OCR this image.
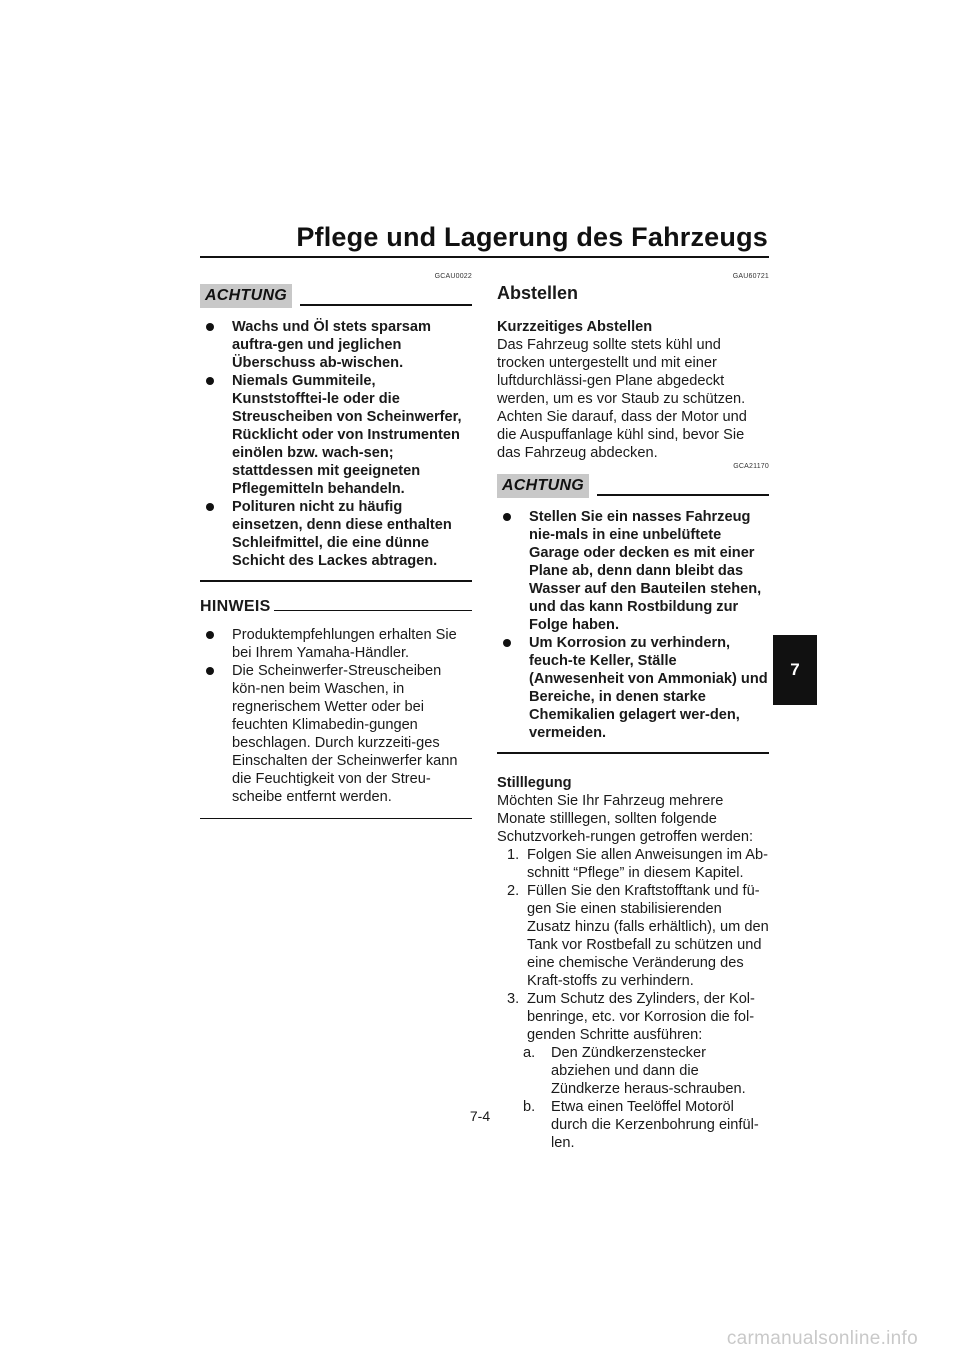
Pflege und Lagerung des Fahrzeugs
GCAU0022
ACHTUNG
Wachs und Öl stets sparsam auftra-gen und jeglichen Überschuss ab-wischen.
Niemals Gummiteile, Kunststofftei-le oder die Streuscheiben von Scheinwerfer, Rücklicht oder von Instrumenten einölen bzw. wach-sen; stattdessen mit geeigneten Pflegemitteln behandeln.
Polituren nicht zu häufig einsetzen, denn diese enthalten Schleifmittel, die eine dünne Schicht des Lackes abtragen.
HINWEIS
Produktempfehlungen erhalten Sie bei Ihrem Yamaha-Händler.
Die Scheinwerfer-Streuscheiben kön-nen beim Waschen, in regnerischem Wetter oder bei feuchten Klimabedin-gungen beschlagen. Durch kurzzeiti-ges Einschalten der Scheinwerfer kann die Feuchtigkeit von der Streu-scheibe entfernt werden.
GAU60721
Abstellen

Kurzzeitiges Abstellen

Das Fahrzeug sollte stets kühl und trocken untergestellt und mit einer luftdurchlässi-gen Plane abgedeckt werden, um es vor Staub zu schützen. Achten Sie darauf, dass der Motor und die Auspuffanlage kühl sind, bevor Sie das Fahrzeug abdecken.

GCA21170
ACHTUNG
Stellen Sie ein nasses Fahrzeug nie-mals in eine unbelüftete Garage oder decken es mit einer Plane ab, denn dann bleibt das Wasser auf den Bauteilen stehen, und das kann Rostbildung zur Folge haben.
Um Korrosion zu verhindern, feuch-te Keller, Ställe (Anwesenheit von Ammoniak) und Bereiche, in denen starke Chemikalien gelagert wer-den, vermeiden.

Stilllegung

Möchten Sie Ihr Fahrzeug mehrere Monate stilllegen, sollten folgende Schutzvorkeh-rungen getroffen werden:

1. Folgen Sie allen Anweisungen im Ab-schnitt “Pflege” in diesem Kapitel.
2. Füllen Sie den Kraftstofftank und fü-gen Sie einen stabilisierenden Zusatz hinzu (falls erhältlich), um den Tank vor Rostbefall zu schützen und eine chemische Veränderung des Kraft-stoffs zu verhindern.
3. Zum Schutz des Zylinders, der Kol-benringe, etc. vor Korrosion die fol-genden Schritte ausführen:
a. Den Zündkerzenstecker abziehen und dann die Zündkerze heraus-schrauben.
b. Etwa einen Teelöffel Motoröl durch die Kerzenbohrung einfül-len.
7
7-4
carmanualsonline.info
